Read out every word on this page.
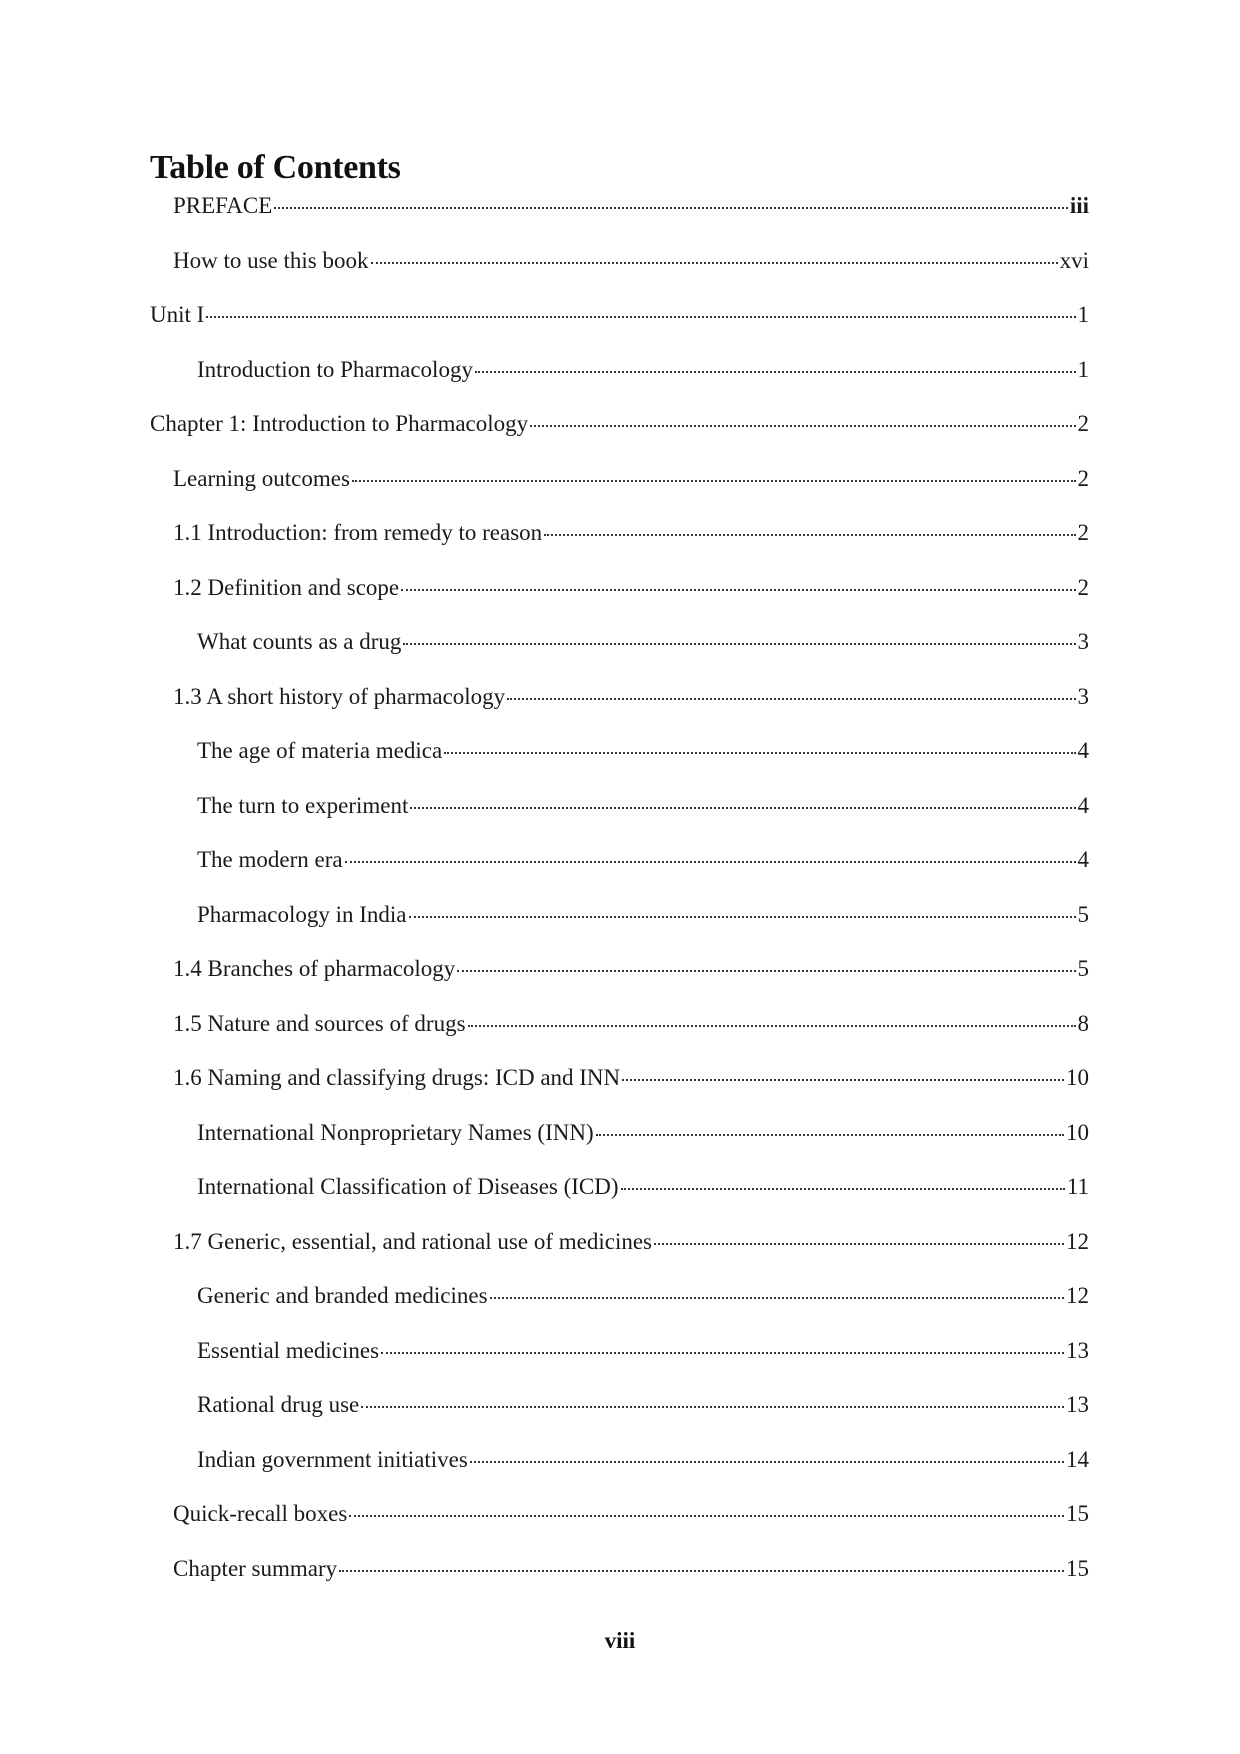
Table of Contents
PREFACE	iii
How to use this book	xvi
Unit I	1
Introduction to Pharmacology	1
Chapter 1: Introduction to Pharmacology	2
Learning outcomes	2
1.1 Introduction: from remedy to reason	2
1.2 Definition and scope	2
What counts as a drug	3
1.3 A short history of pharmacology	3
The age of materia medica	4
The turn to experiment	4
The modern era	4
Pharmacology in India	5
1.4 Branches of pharmacology	5
1.5 Nature and sources of drugs	8
1.6 Naming and classifying drugs: ICD and INN	10
International Nonproprietary Names (INN)	10
International Classification of Diseases (ICD)	11
1.7 Generic, essential, and rational use of medicines	12
Generic and branded medicines	12
Essential medicines	13
Rational drug use	13
Indian government initiatives	14
Quick-recall boxes	15
Chapter summary	15
viii
